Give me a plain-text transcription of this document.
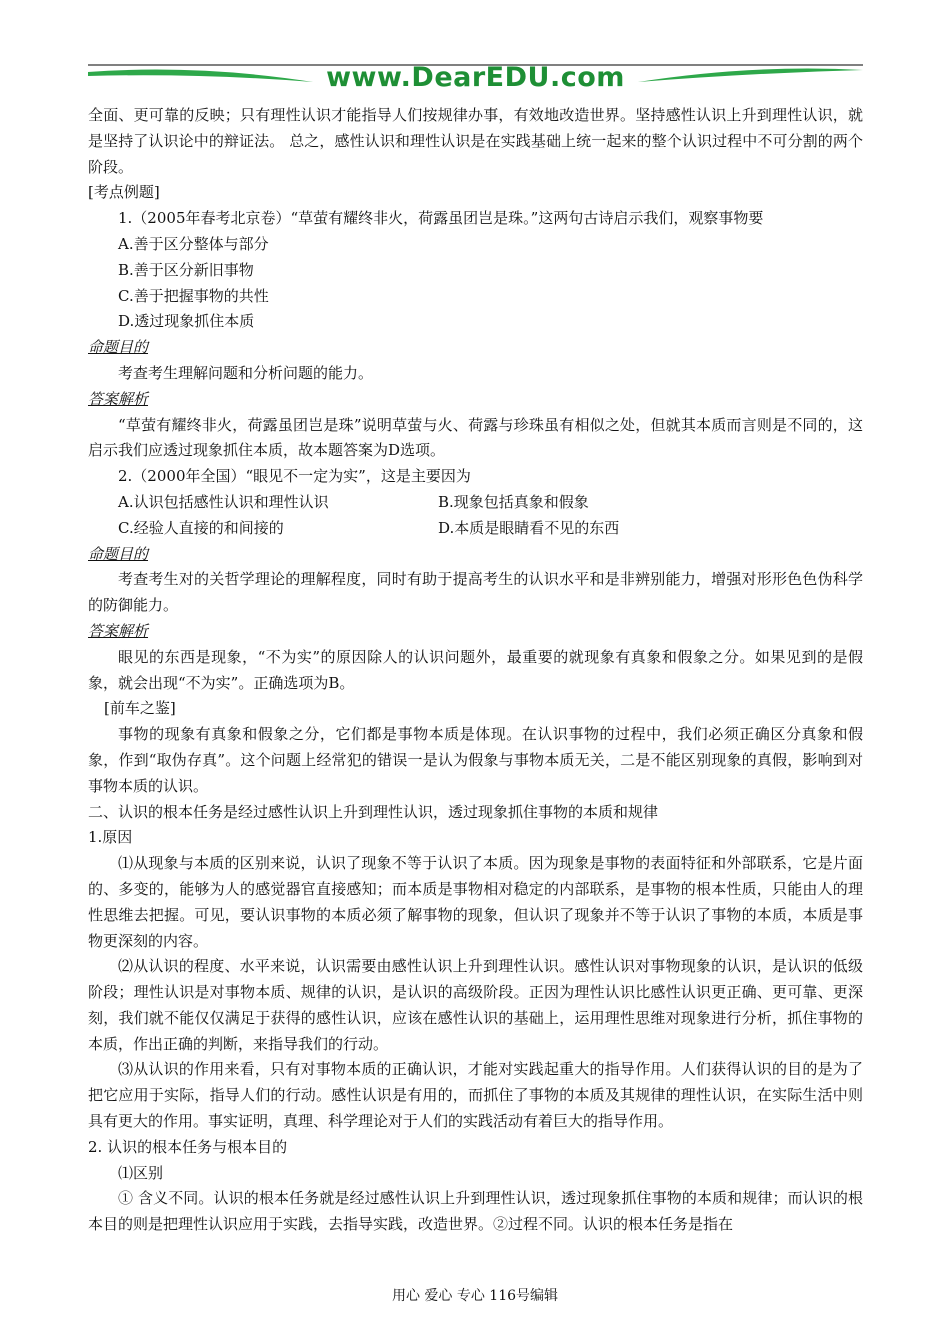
www.DearEDU.com

全面、更可靠的反映；只有理性认识才能指导人们按规律办事，有效地改造世界。坚持感性认识上升到理性认识，就是坚持了认识论中的辩证法。 总之，感性认识和理性认识是在实践基础上统一起来的整个认识过程中不可分割的两个阶段。

[考点例题]

1.（2005年春考北京卷）“草萤有耀终非火，荷露虽团岂是珠。”这两句古诗启示我们，观察事物要

A.善于区分整体与部分

B.善于区分新旧事物

C.善于把握事物的共性

D.透过现象抓住本质

命题目的

考查考生理解问题和分析问题的能力。

答案解析

“草萤有耀终非火，荷露虽团岂是珠”说明草萤与火、荷露与珍珠虽有相似之处，但就其本质而言则是不同的，这启示我们应透过现象抓住本质，故本题答案为D选项。

2.（2000年全国）“眼见不一定为实”，这是主要因为

A.认识包括感性认识和理性认识	B.现象包括真象和假象
C.经验人直接的和间接的	D.本质是眼睛看不见的东西

命题目的

考查考生对的关哲学理论的理解程度，同时有助于提高考生的认识水平和是非辨别能力，增强对形形色色伪科学的防御能力。

答案解析

眼见的东西是现象，“不为实”的原因除人的认识问题外，最重要的就现象有真象和假象之分。如果见到的是假象，就会出现“不为实”。正确选项为B。

[前车之鉴]

事物的现象有真象和假象之分，它们都是事物本质是体现。在认识事物的过程中，我们必须正确区分真象和假象，作到“取伪存真”。这个问题上经常犯的错误一是认为假象与事物本质无关，二是不能区别现象的真假，影响到对事物本质的认识。

二、认识的根本任务是经过感性认识上升到理性认识，透过现象抓住事物的本质和规律

1.原因

⑴从现象与本质的区别来说，认识了现象不等于认识了本质。因为现象是事物的表面特征和外部联系，它是片面的、多变的，能够为人的感觉器官直接感知；而本质是事物相对稳定的内部联系，是事物的根本性质，只能由人的理性思维去把握。可见，要认识事物的本质必须了解事物的现象，但认识了现象并不等于认识了事物的本质，本质是事物更深刻的内容。

⑵从认识的程度、水平来说，认识需要由感性认识上升到理性认识。感性认识对事物现象的认识，是认识的低级阶段；理性认识是对事物本质、规律的认识，是认识的高级阶段。正因为理性认识比感性认识更正确、更可靠、更深刻，我们就不能仅仅满足于获得的感性认识，应该在感性认识的基础上，运用理性思维对现象进行分析，抓住事物的本质，作出正确的判断，来指导我们的行动。

⑶从认识的作用来看，只有对事物本质的正确认识，才能对实践起重大的指导作用。人们获得认识的目的是为了把它应用于实际，指导人们的行动。感性认识是有用的，而抓住了事物的本质及其规律的理性认识，在实际生活中则具有更大的作用。事实证明，真理、科学理论对于人们的实践活动有着巨大的指导作用。

2. 认识的根本任务与根本目的

⑴区别

① 含义不同。认识的根本任务就是经过感性认识上升到理性认识，透过现象抓住事物的本质和规律；而认识的根本目的则是把理性认识应用于实践，去指导实践，改造世界。②过程不同。认识的根本任务是指在

用心 爱心 专心 116号编辑
